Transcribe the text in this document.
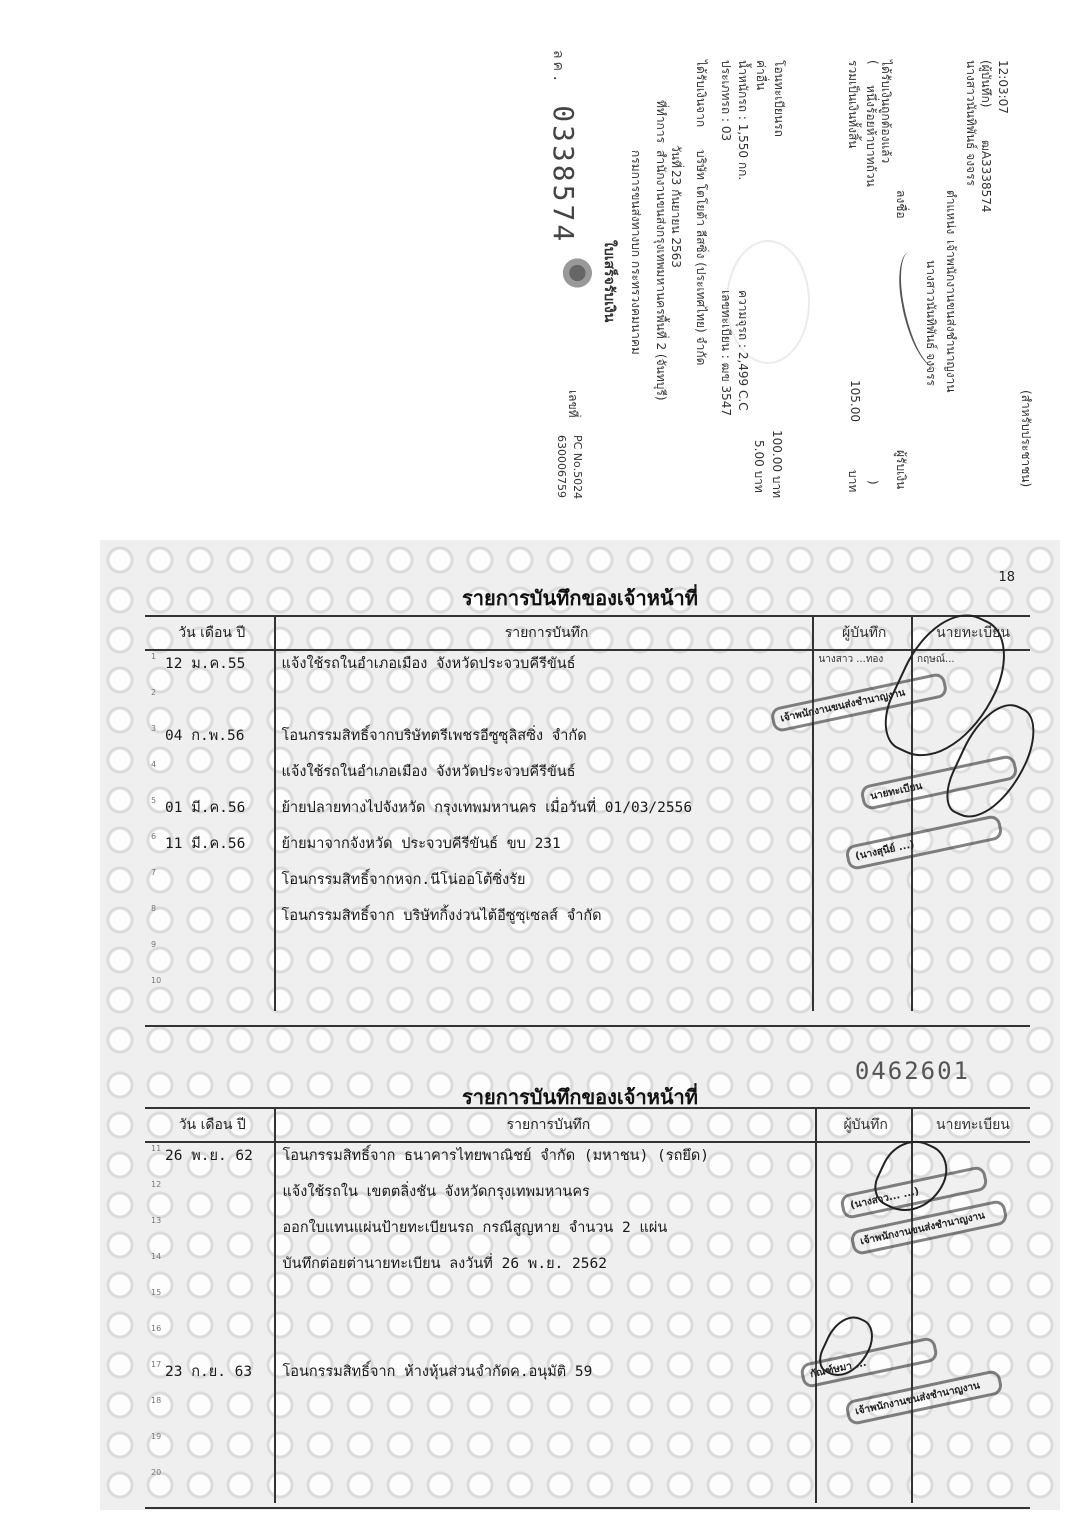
ลค. 0338574
ใบเสร็จรับเงิน
เลขที่
630006759 PC No.5024
กรมการขนส่งทางบก กระทรวงคมนาคม
ที่ทำการ
สำนักงานขนส่งกรุงเทพมหานครพื้นที่ 2 (จันทบุรี) วันที่
23 กันยายน 2563
ได้รับเงินจาก
บริษัท โตโยต้า ลีสซิ่ง (ประเทศไทย) จำกัด
ประเภทรถ : 03
เลขทะเบียน : ฒข 3547
น้ำหนักรถ : 1,550 กก.
ความจุรถ : 2,499 C.C
ค่าอื่น
5.00 บาท
โอนทะเบียนรถ
100.00 บาท
รวมเป็นเงินทั้งสิ้น
105.00
บาท
(
หนึ่งร้อยห้าบาทถ้วน
)
ได้รับเงินถูกต้องแล้ว
ลงชื่อ
ผู้รับเงิน
นางสาวนันทิพันธ์ จงจรร
ตำแหน่ง
เจ้าพนักงานขนส่งชำนาญงาน
นางสาวนันทิพันธ์ จงจรร (ผู้บันทึก)
ฒA3338574
12:03:07
(สำหรับประชาชน)
18
รายการบันทึกของเจ้าหน้าที่
วัน เดือน ปี	รายการบันทึก	ผู้บันทึก	นายทะเบียน
1 12 ม.ค.55	แจ้งใช้รถในอำเภอเมือง จังหวัดประจวบคีรีขันธ์	นางสาว ...ทอง	กฤษณ์...
2			
3 04 ก.พ.56	โอนกรรมสิทธิ์จากบริษัทตรีเพชรอีซูซุลิสซิ่ง จำกัด		
4	แจ้งใช้รถในอำเภอเมือง จังหวัดประจวบคีรีขันธ์		
5 01 มี.ค.56	ย้ายปลายทางไปจังหวัด กรุงเทพมหานคร เมื่อวันที่ 01/03/2556		
6 11 มี.ค.56	ย้ายมาจากจังหวัด ประจวบคีรีขันธ์ ขบ 231		
7	โอนกรรมสิทธิ์จากหจก.นีโน่ออโต้ซิ่งรัย		
8	โอนกรรมสิทธิ์จาก บริษัทกิ้งง่วนไต้อีซูซุเซลส์ จำกัด		
9			
10			
เจ้าพนักงานขนส่งชำนาญงาน
นายทะเบียน
(นางสุนีย์ ...)
0462601
รายการบันทึกของเจ้าหน้าที่
วัน เดือน ปี	รายการบันทึก	ผู้บันทึก	นายทะเบียน
11 26 พ.ย. 62	โอนกรรมสิทธิ์จาก ธนาคารไทยพาณิชย์ จำกัด (มหาชน) (รถยึด)		
12	แจ้งใช้รถใน เขตตลิ่งชัน จังหวัดกรุงเทพมหานคร		
13	ออกใบแทนแผ่นป้ายทะเบียนรถ กรณีสูญหาย จำนวน 2 แผ่น		
14	บันทึกต่อยต่านายทะเบียน ลงวันที่ 26 พ.ย. 2562		
15			
16			
17 23 ก.ย. 63	โอนกรรมสิทธิ์จาก ห้างหุ้นส่วนจำกัดค.อนุมัติ 59		
18			
19			
20			
(นางสาว... ...)
เจ้าพนักงานขนส่งชำนาญงาน
กัณฑ์ษมา ...
เจ้าพนักงานขนส่งชำนาญงาน
